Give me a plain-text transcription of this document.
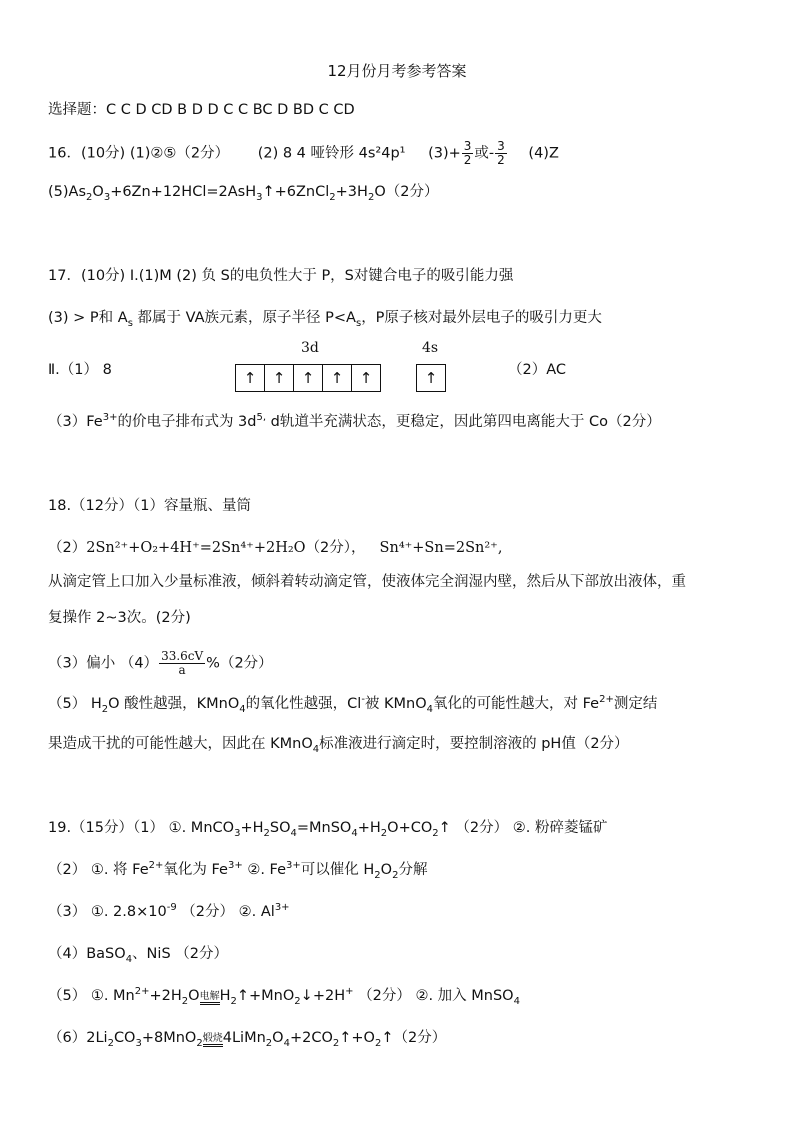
12月份月考参考答案
选择题：C C D CD B D D C C BC D BD C CD
16．(10分) (1)②⑤（2分） (2) 8 4 哑铃形 4s²4p¹ $(3)+ \frac{3}{2}$ 或- $\frac{3}{2} (4)Z$
$(5)As_2O_3+6Zn+12HCl=2AsH_3↑+6ZnCl_2+3H_2O(2$分）
17．(10分) Ⅰ.(1)M (2) 负 S的电负性大于 P，S对键合电子的吸引能力强
(3) > P和 $A_s$ 都属于 VA族元素，原子半径 $P<A_s$，P原子核对最外层电子的吸引力更大
3d	4s
Ⅱ.（1） 8	↑	↑	↑	↑	↑	↑	（2）AC
$(3)Fe^{3+}$的价电子排布式为 $3d^{5,}$ d轨道半充满状态，更稳定，因此第四电离能大于 Co（2分）
18.（12分）（1）容量瓶、量筒
（2）2Sn²⁺+O₂+4H⁺=2Sn⁴⁺+2H₂O（2分）， Sn⁴⁺+Sn=2Sn²⁺,
从滴定管上口加入少量标准液，倾斜着转动滴定管，使液体完全润湿内壁，然后从下部放出液体，重
复操作 2~3次。(2分)
（3）偏小 $(4) \frac{33.6cV}{a} \%(2$分）
（5） $H_2O$ 酸性越强，KMnO$_4$的氧化性越强，Cl-被 KMnO$_4$氧化的可能性越大，对 $Fe^{2+}$测定结
果造成干扰的可能性越大，因此在 KMnO$_4$标准液进行滴定时，要控制溶液的 pH值（2分）
19.（15分）（1） ①. $MnCO_3+H_2SO_4=MnSO_4+H_2O+CO_2↑$ （2分） ②. 粉碎菱锰矿
（2） ①. 将 $Fe^{2+}$氧化为 $Fe^{3+}$ ②. $Fe^{3+}$可以催化 $H_2O_2$分解
（3） ①. $2.8\times 10^{-9}$ （2分） ②. $Al^{3+}$
（4）BaSO$_4$、NiS （2分）
（5） ①. $Mn^{2+}+2H_2O$ 电解 $H_2↑+MnO_2↓+2H^+$ （2分） ②. 加入 MnSO$_4$
$(6)2Li_2CO_3+8MnO_2$ 煅烧 $4LiMn_2O_4+2CO_2↑+O_2↑(2$分）
